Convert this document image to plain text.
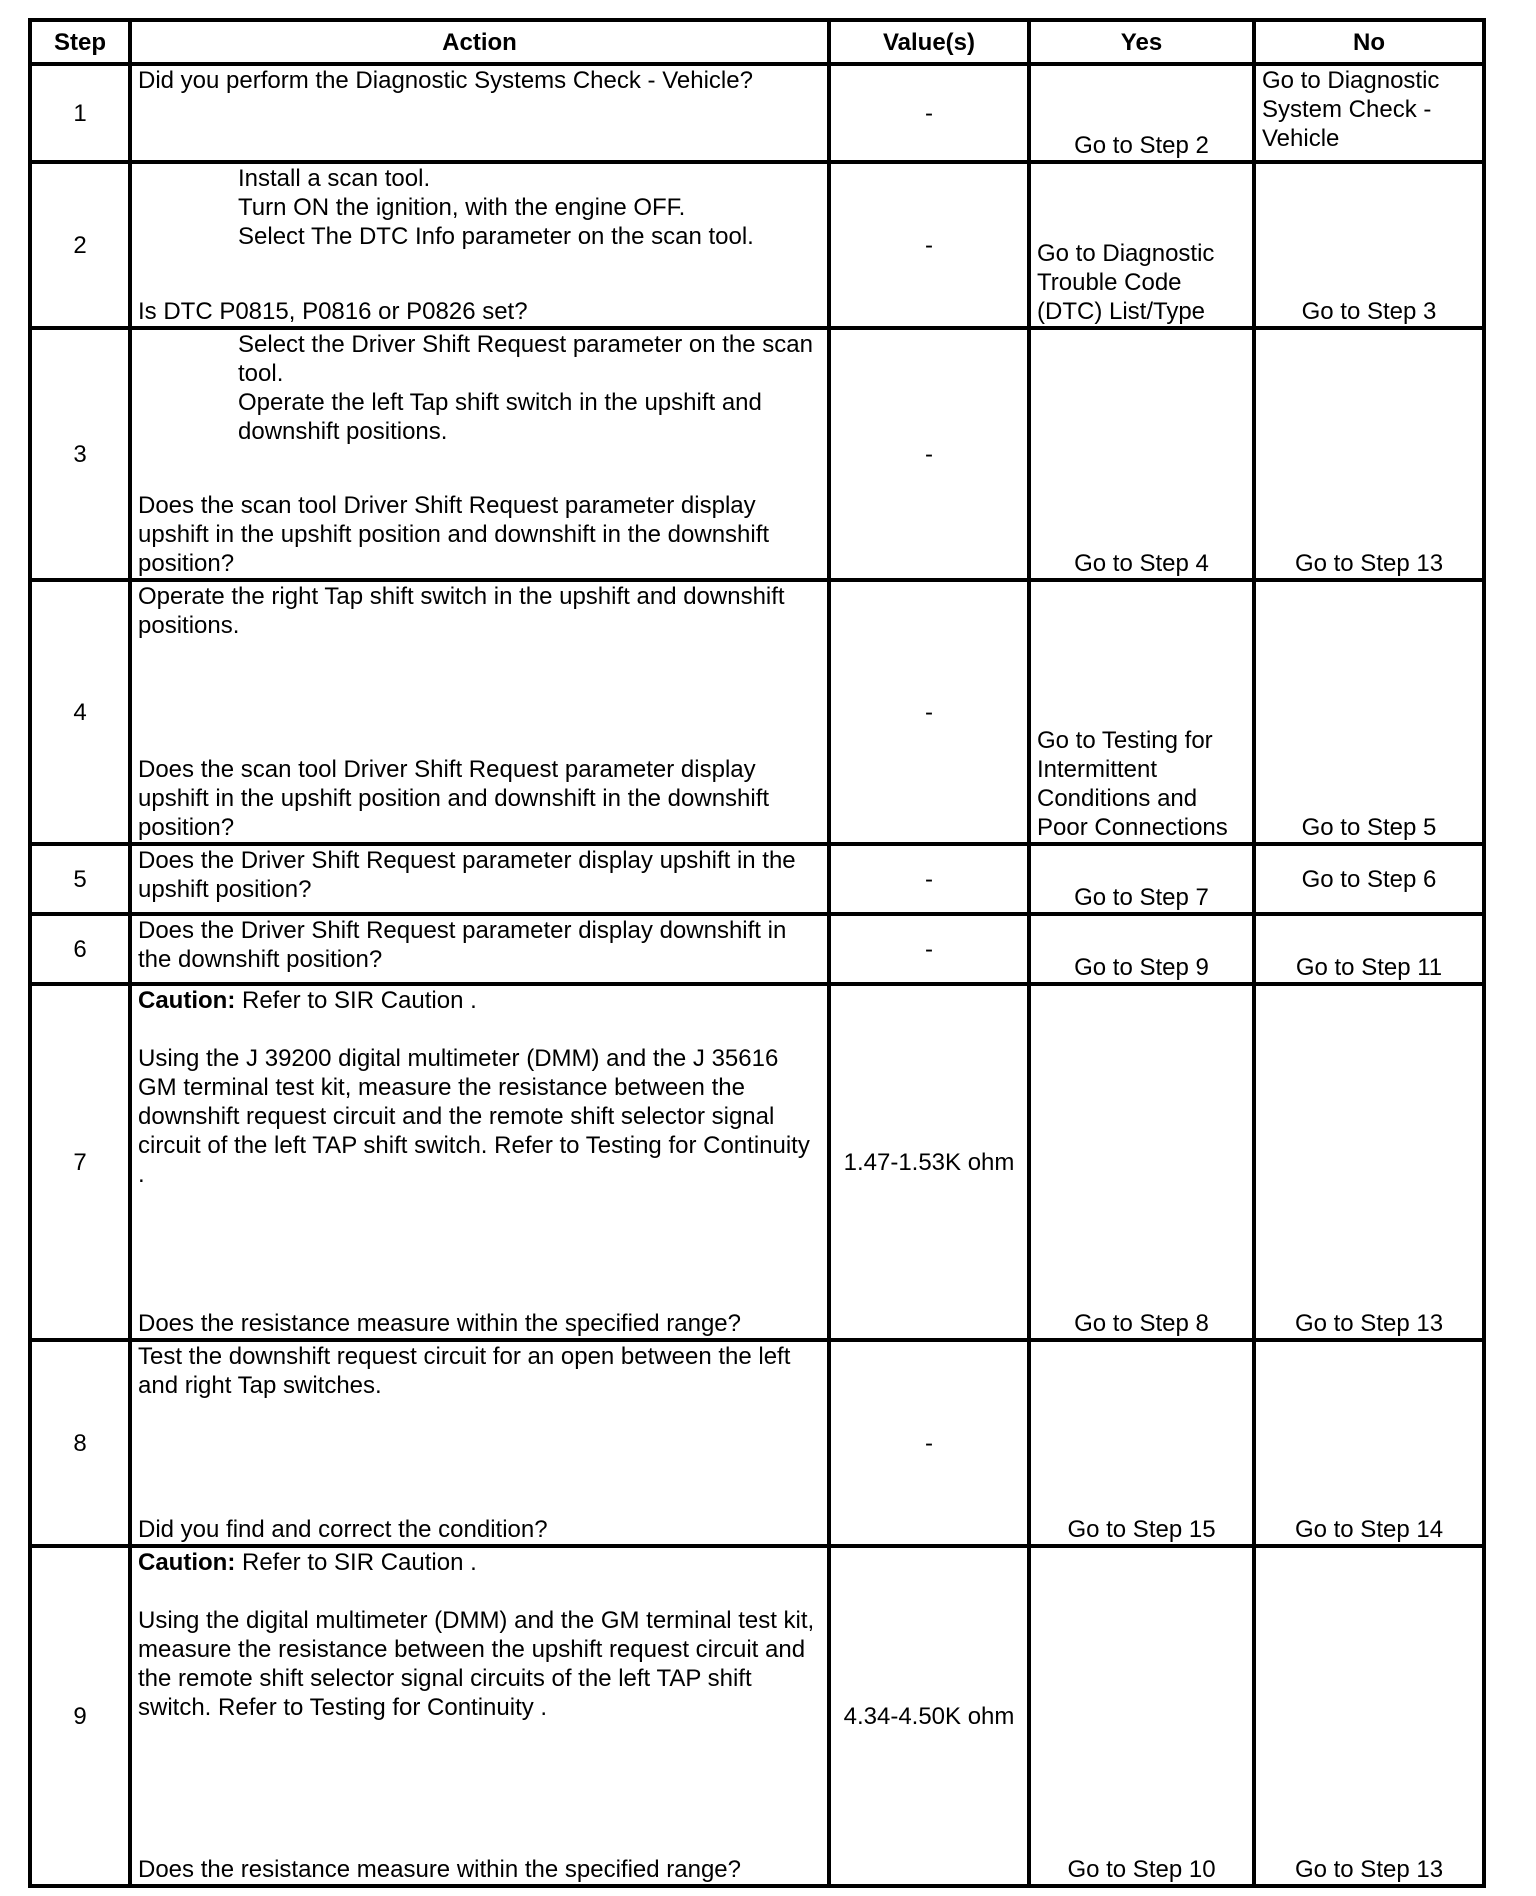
Step	Action	Value(s)	Yes	No
1	Did you perform the Diagnostic Systems Check - Vehicle?	-	Go to Step 2	Go to Diagnostic System Check - Vehicle
2	Install a scan tool.
Turn ON the ignition, with the engine OFF.
Select The DTC Info parameter on the scan tool.
Is DTC P0815, P0816 or P0826 set?	-	Go to Diagnostic Trouble Code (DTC) List/Type	Go to Step 3
3	Select the Driver Shift Request parameter on the scan tool.
Operate the left Tap shift switch in the upshift and downshift positions.
Does the scan tool Driver Shift Request parameter display upshift in the upshift position and downshift in the downshift position?	-	Go to Step 4	Go to Step 13
4	Operate the right Tap shift switch in the upshift and downshift positions.
Does the scan tool Driver Shift Request parameter display upshift in the upshift position and downshift in the downshift position?	-	Go to Testing for Intermittent Conditions and Poor Connections	Go to Step 5
5	Does the Driver Shift Request parameter display upshift in the upshift position?	-	Go to Step 7	Go to Step 6
6	Does the Driver Shift Request parameter display downshift in the downshift position?	-	Go to Step 9	Go to Step 11
7	Caution: Refer to SIR Caution .
Using the J 39200 digital multimeter (DMM) and the J 35616 GM terminal test kit, measure the resistance between the downshift request circuit and the remote shift selector signal circuit of the left TAP shift switch. Refer to Testing for Continuity .
Does the resistance measure within the specified range?	1.47-1.53K ohm	Go to Step 8	Go to Step 13
8	Test the downshift request circuit for an open between the left and right Tap switches.
Did you find and correct the condition?	-	Go to Step 15	Go to Step 14
9	Caution: Refer to SIR Caution .
Using the digital multimeter (DMM) and the GM terminal test kit, measure the resistance between the upshift request circuit and the remote shift selector signal circuits of the left TAP shift switch. Refer to Testing for Continuity .
Does the resistance measure within the specified range?	4.34-4.50K ohm	Go to Step 10	Go to Step 13
